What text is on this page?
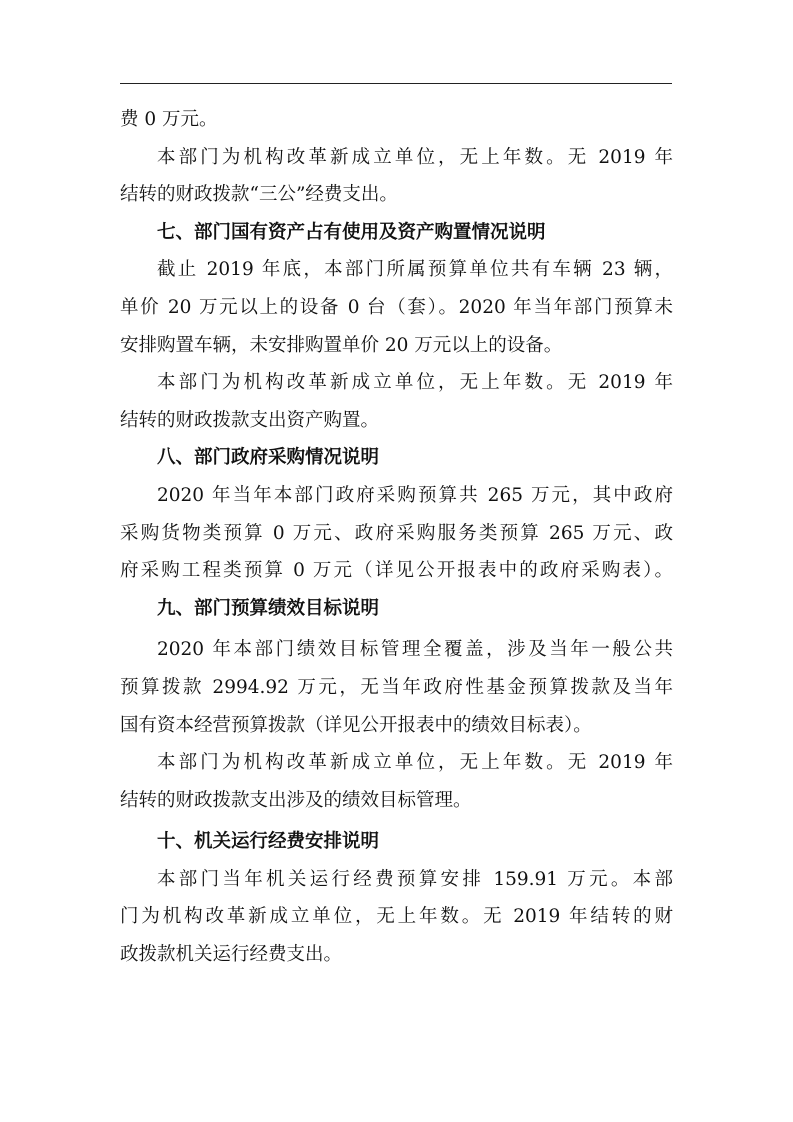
费 0 万元。
本部门为机构改革新成立单位，无上年数。无 2019 年
结转的财政拨款“三公”经费支出。
七、部门国有资产占有使用及资产购置情况说明
截止 2019 年底，本部门所属预算单位共有车辆 23 辆，
单价 20 万元以上的设备 0 台（套）。2020 年当年部门预算未
安排购置车辆，未安排购置单价 20 万元以上的设备。
本部门为机构改革新成立单位，无上年数。无 2019 年
结转的财政拨款支出资产购置。
八、部门政府采购情况说明
2020 年当年本部门政府采购预算共 265 万元，其中政府
采购货物类预算 0 万元、政府采购服务类预算 265 万元、政
府采购工程类预算 0 万元（详见公开报表中的政府采购表）。
九、部门预算绩效目标说明
2020 年本部门绩效目标管理全覆盖，涉及当年一般公共
预算拨款 2994.92 万元，无当年政府性基金预算拨款及当年
国有资本经营预算拨款（详见公开报表中的绩效目标表）。
本部门为机构改革新成立单位，无上年数。无 2019 年
结转的财政拨款支出涉及的绩效目标管理。
十、机关运行经费安排说明
本部门当年机关运行经费预算安排 159.91 万元。本部
门为机构改革新成立单位，无上年数。无 2019 年结转的财
政拨款机关运行经费支出。
